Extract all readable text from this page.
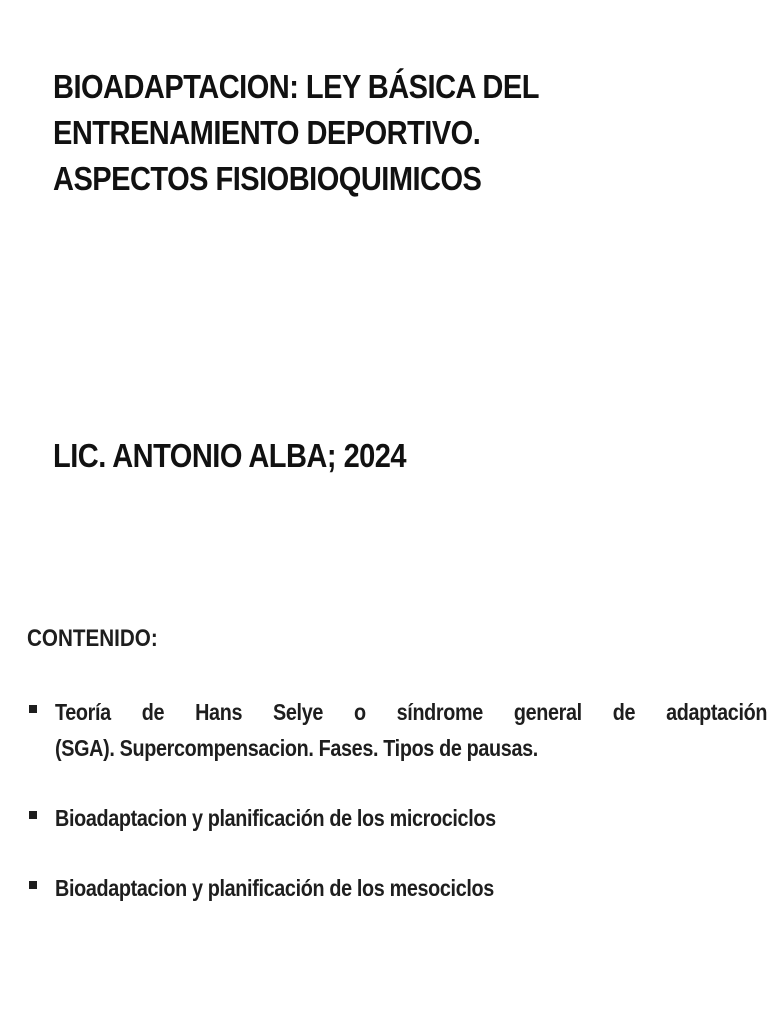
BIOADAPTACION: LEY BÁSICA DEL
ENTRENAMIENTO DEPORTIVO.
ASPECTOS FISIOBIOQUIMICOS

LIC. ANTONIO ALBA; 2024

CONTENIDO:
Teoría de Hans Selye o síndrome general de adaptación
(SGA). Supercompensacion. Fases. Tipos de pausas.
Bioadaptacion y planificación de los microciclos
Bioadaptacion y planificación de los mesociclos
